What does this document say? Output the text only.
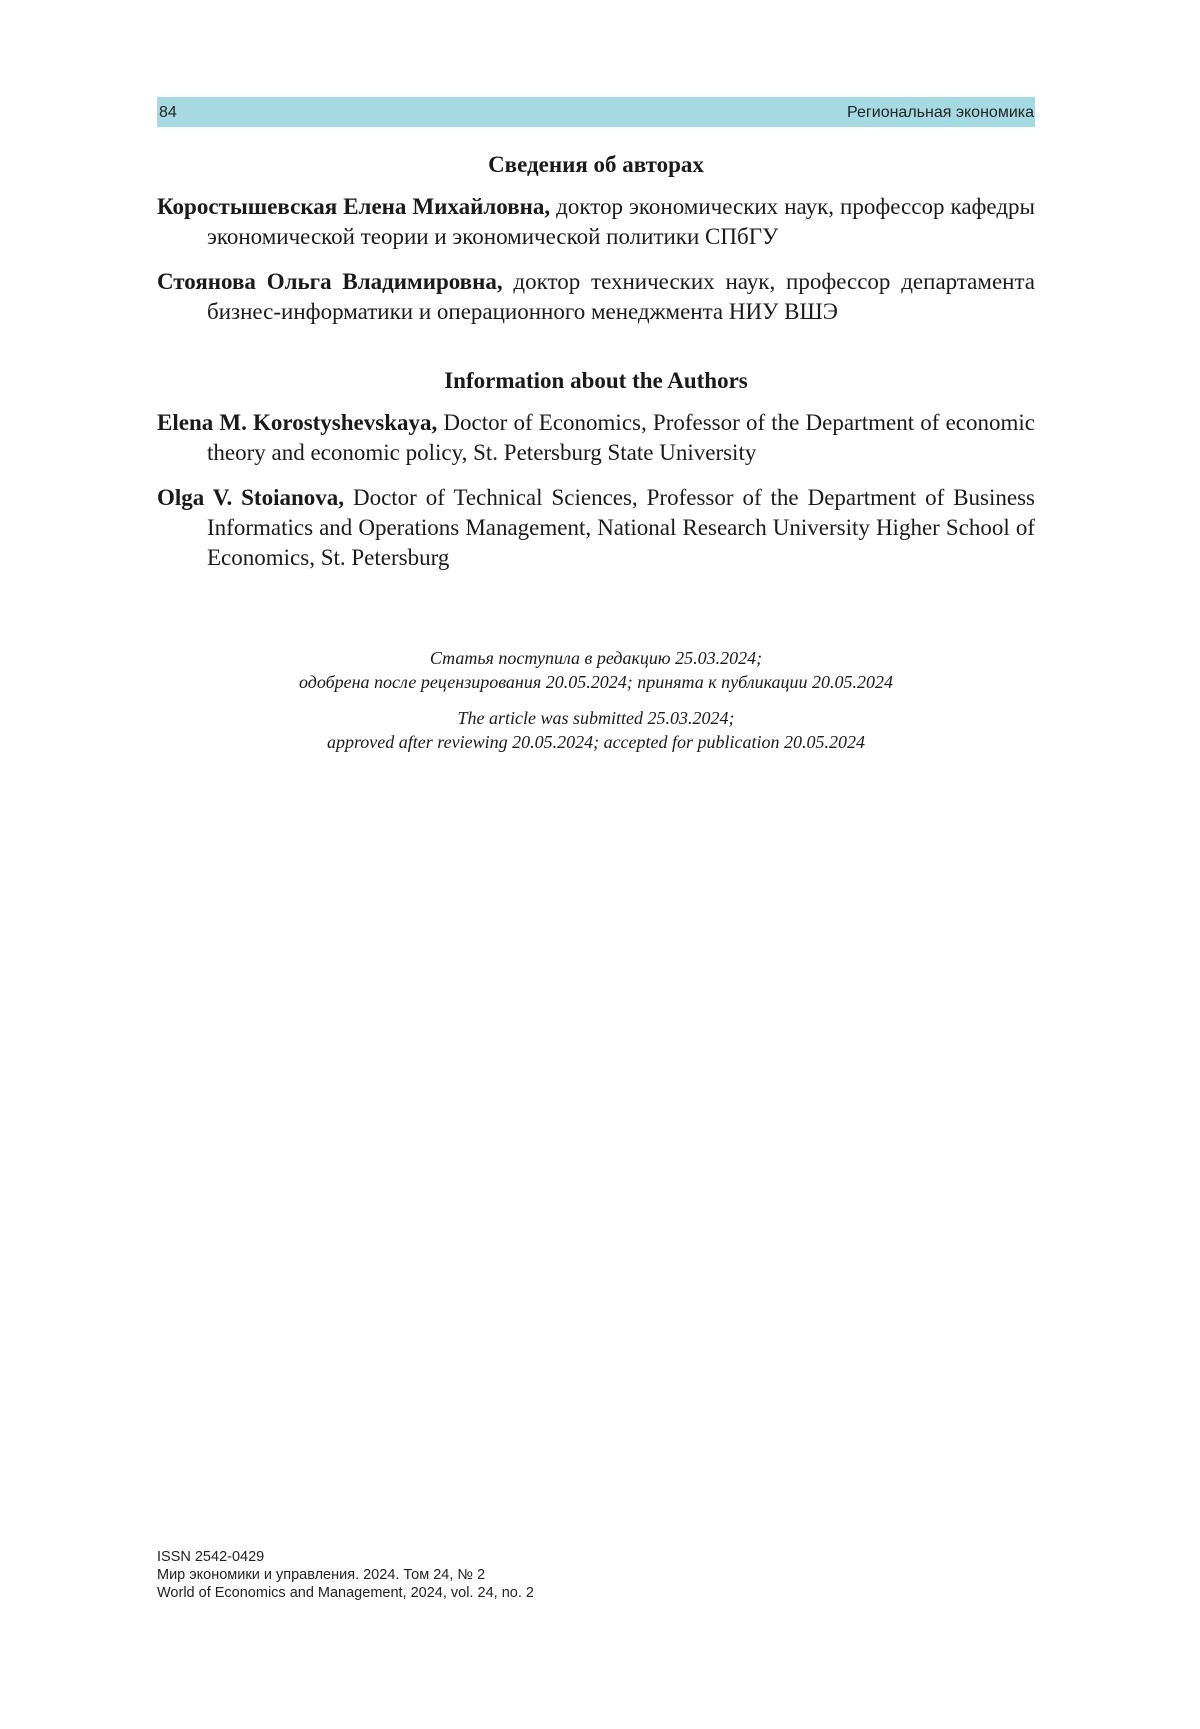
84	Региональная экономика
Сведения об авторах

Коростышевская Елена Михайловна, доктор экономических наук, профессор кафедры экономической теории и экономической политики СПбГУ

Стоянова Ольга Владимировна, доктор технических наук, профессор департамента бизнес-информатики и операционного менеджмента НИУ ВШЭ

Information about the Authors

Elena M. Korostyshevskaya, Doctor of Economics, Professor of the Department of economic theory and economic policy, St. Petersburg State University

Olga V. Stoianova, Doctor of Technical Sciences, Professor of the Department of Business Informatics and Operations Management, National Research University Higher School of Economics, St. Petersburg

Статья поступила в редакцию 25.03.2024;

одобрена после рецензирования 20.05.2024; принята к публикации 20.05.2024

The article was submitted 25.03.2024;

approved after reviewing 20.05.2024; accepted for publication 20.05.2024

ISSN 2542-0429
Мир экономики и управления. 2024. Том 24, № 2
World of Economics and Management, 2024, vol. 24, no. 2
